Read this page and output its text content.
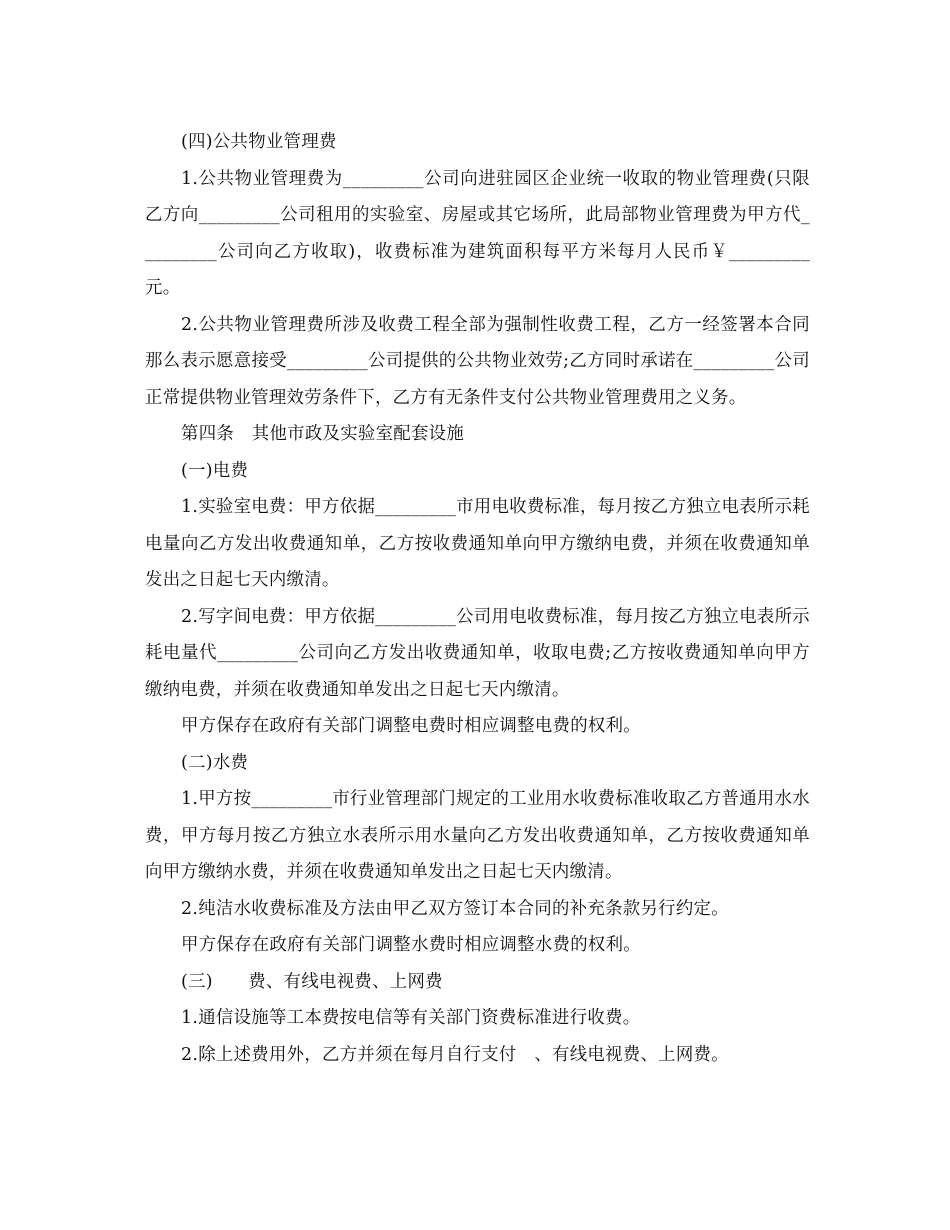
(四)公共物业管理费

1.公共物业管理费为_________公司向进驻园区企业统一收取的物业管理费(只限乙方向_________公司租用的实验室、房屋或其它场所，此局部物业管理费为甲方代_________公司向乙方收取)，收费标准为建筑面积每平方米每月人民币￥_________元。

2.公共物业管理费所涉及收费工程全部为强制性收费工程，乙方一经签署本合同那么表示愿意接受_________公司提供的公共物业效劳;乙方同时承诺在_________公司正常提供物业管理效劳条件下，乙方有无条件支付公共物业管理费用之义务。

第四条　其他市政及实验室配套设施

(一)电费

1.实验室电费：甲方依据_________市用电收费标准，每月按乙方独立电表所示耗电量向乙方发出收费通知单，乙方按收费通知单向甲方缴纳电费，并须在收费通知单发出之日起七天内缴清。

2.写字间电费：甲方依据_________公司用电收费标准，每月按乙方独立电表所示耗电量代_________公司向乙方发出收费通知单，收取电费;乙方按收费通知单向甲方缴纳电费，并须在收费通知单发出之日起七天内缴清。

甲方保存在政府有关部门调整电费时相应调整电费的权利。

(二)水费

1.甲方按_________市行业管理部门规定的工业用水收费标准收取乙方普通用水水费，甲方每月按乙方独立水表所示用水量向乙方发出收费通知单，乙方按收费通知单向甲方缴纳水费，并须在收费通知单发出之日起七天内缴清。

2.纯洁水收费标准及方法由甲乙双方签订本合同的补充条款另行约定。

甲方保存在政府有关部门调整水费时相应调整水费的权利。

(三)　　费、有线电视费、上网费

1.通信设施等工本费按电信等有关部门资费标准进行收费。

2.除上述费用外，乙方并须在每月自行支付　、有线电视费、上网费。
